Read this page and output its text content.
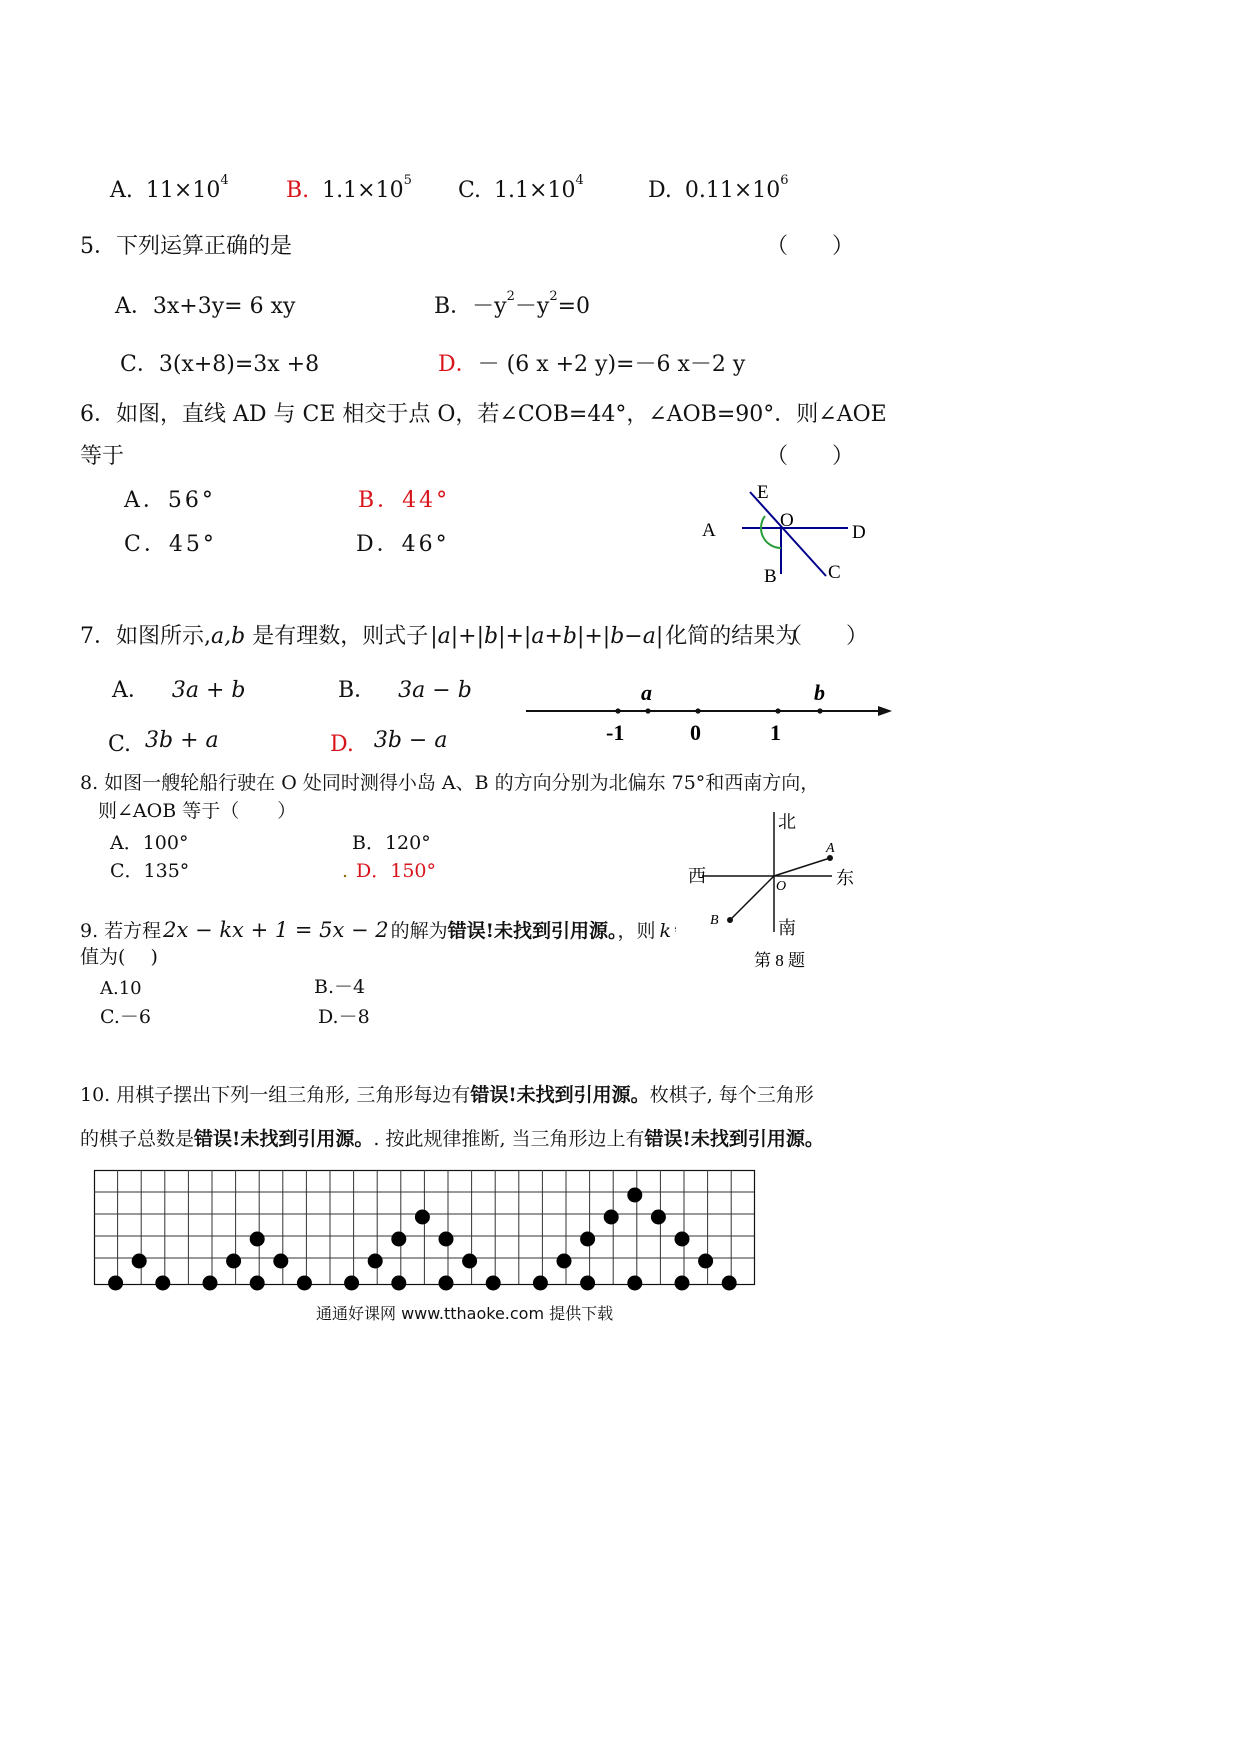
A. $11\times 10^4$	B. $1.1\times 10^5$ C. $1.1\times 10^4$	D. $0.11\times 10^6$
5．下列运算正确的是	（　　）
A．3x+3y= 6 xy	B．$-y^2-y^2=0$
C．3(x+8)=3x +8	D．－ (6 x +2 y)=－6 x－2 y
6．如图，直线 AD 与 CE 相交于点 O，若∠COB=44°，∠AOB=90°．则∠AOE
等于	（　　）
A．56°	B．44°
C．45°	D．46°
A	D
E
O
B	C
7．如图所示,a,b 是有理数，则式子|a|+|b|+|a+b|+|b−a|化简的结果为
（　　）
A． 3a + b	B． 3a − b
C. 3b + a	D. 3b − a
a	b
-1	0	1
8. 如图一艘轮船行驶在 O 处同时测得小岛 A、B 的方向分别为北偏东 75°和西南方向，
则∠AOB 等于（　　）
A．100°	B．120°
C．135°	. D．150°
北
西	东
南
A
B
O
第 8 题
9. 若方程2x − kx + 1 = 5x − 2 的解为错误!未找到引用源。，则 k
值为(　 )
A.10	B.－4
C.－6	D.－8
10. 用棋子摆出下列一组三角形, 三角形每边有错误!未找到引用源。枚棋子, 每个三角形
的棋子总数是错误!未找到引用源。. 按此规律推断, 当三角形边上有错误!未找到引用源。
通通好课网 www.tthaoke.com 提供下载
